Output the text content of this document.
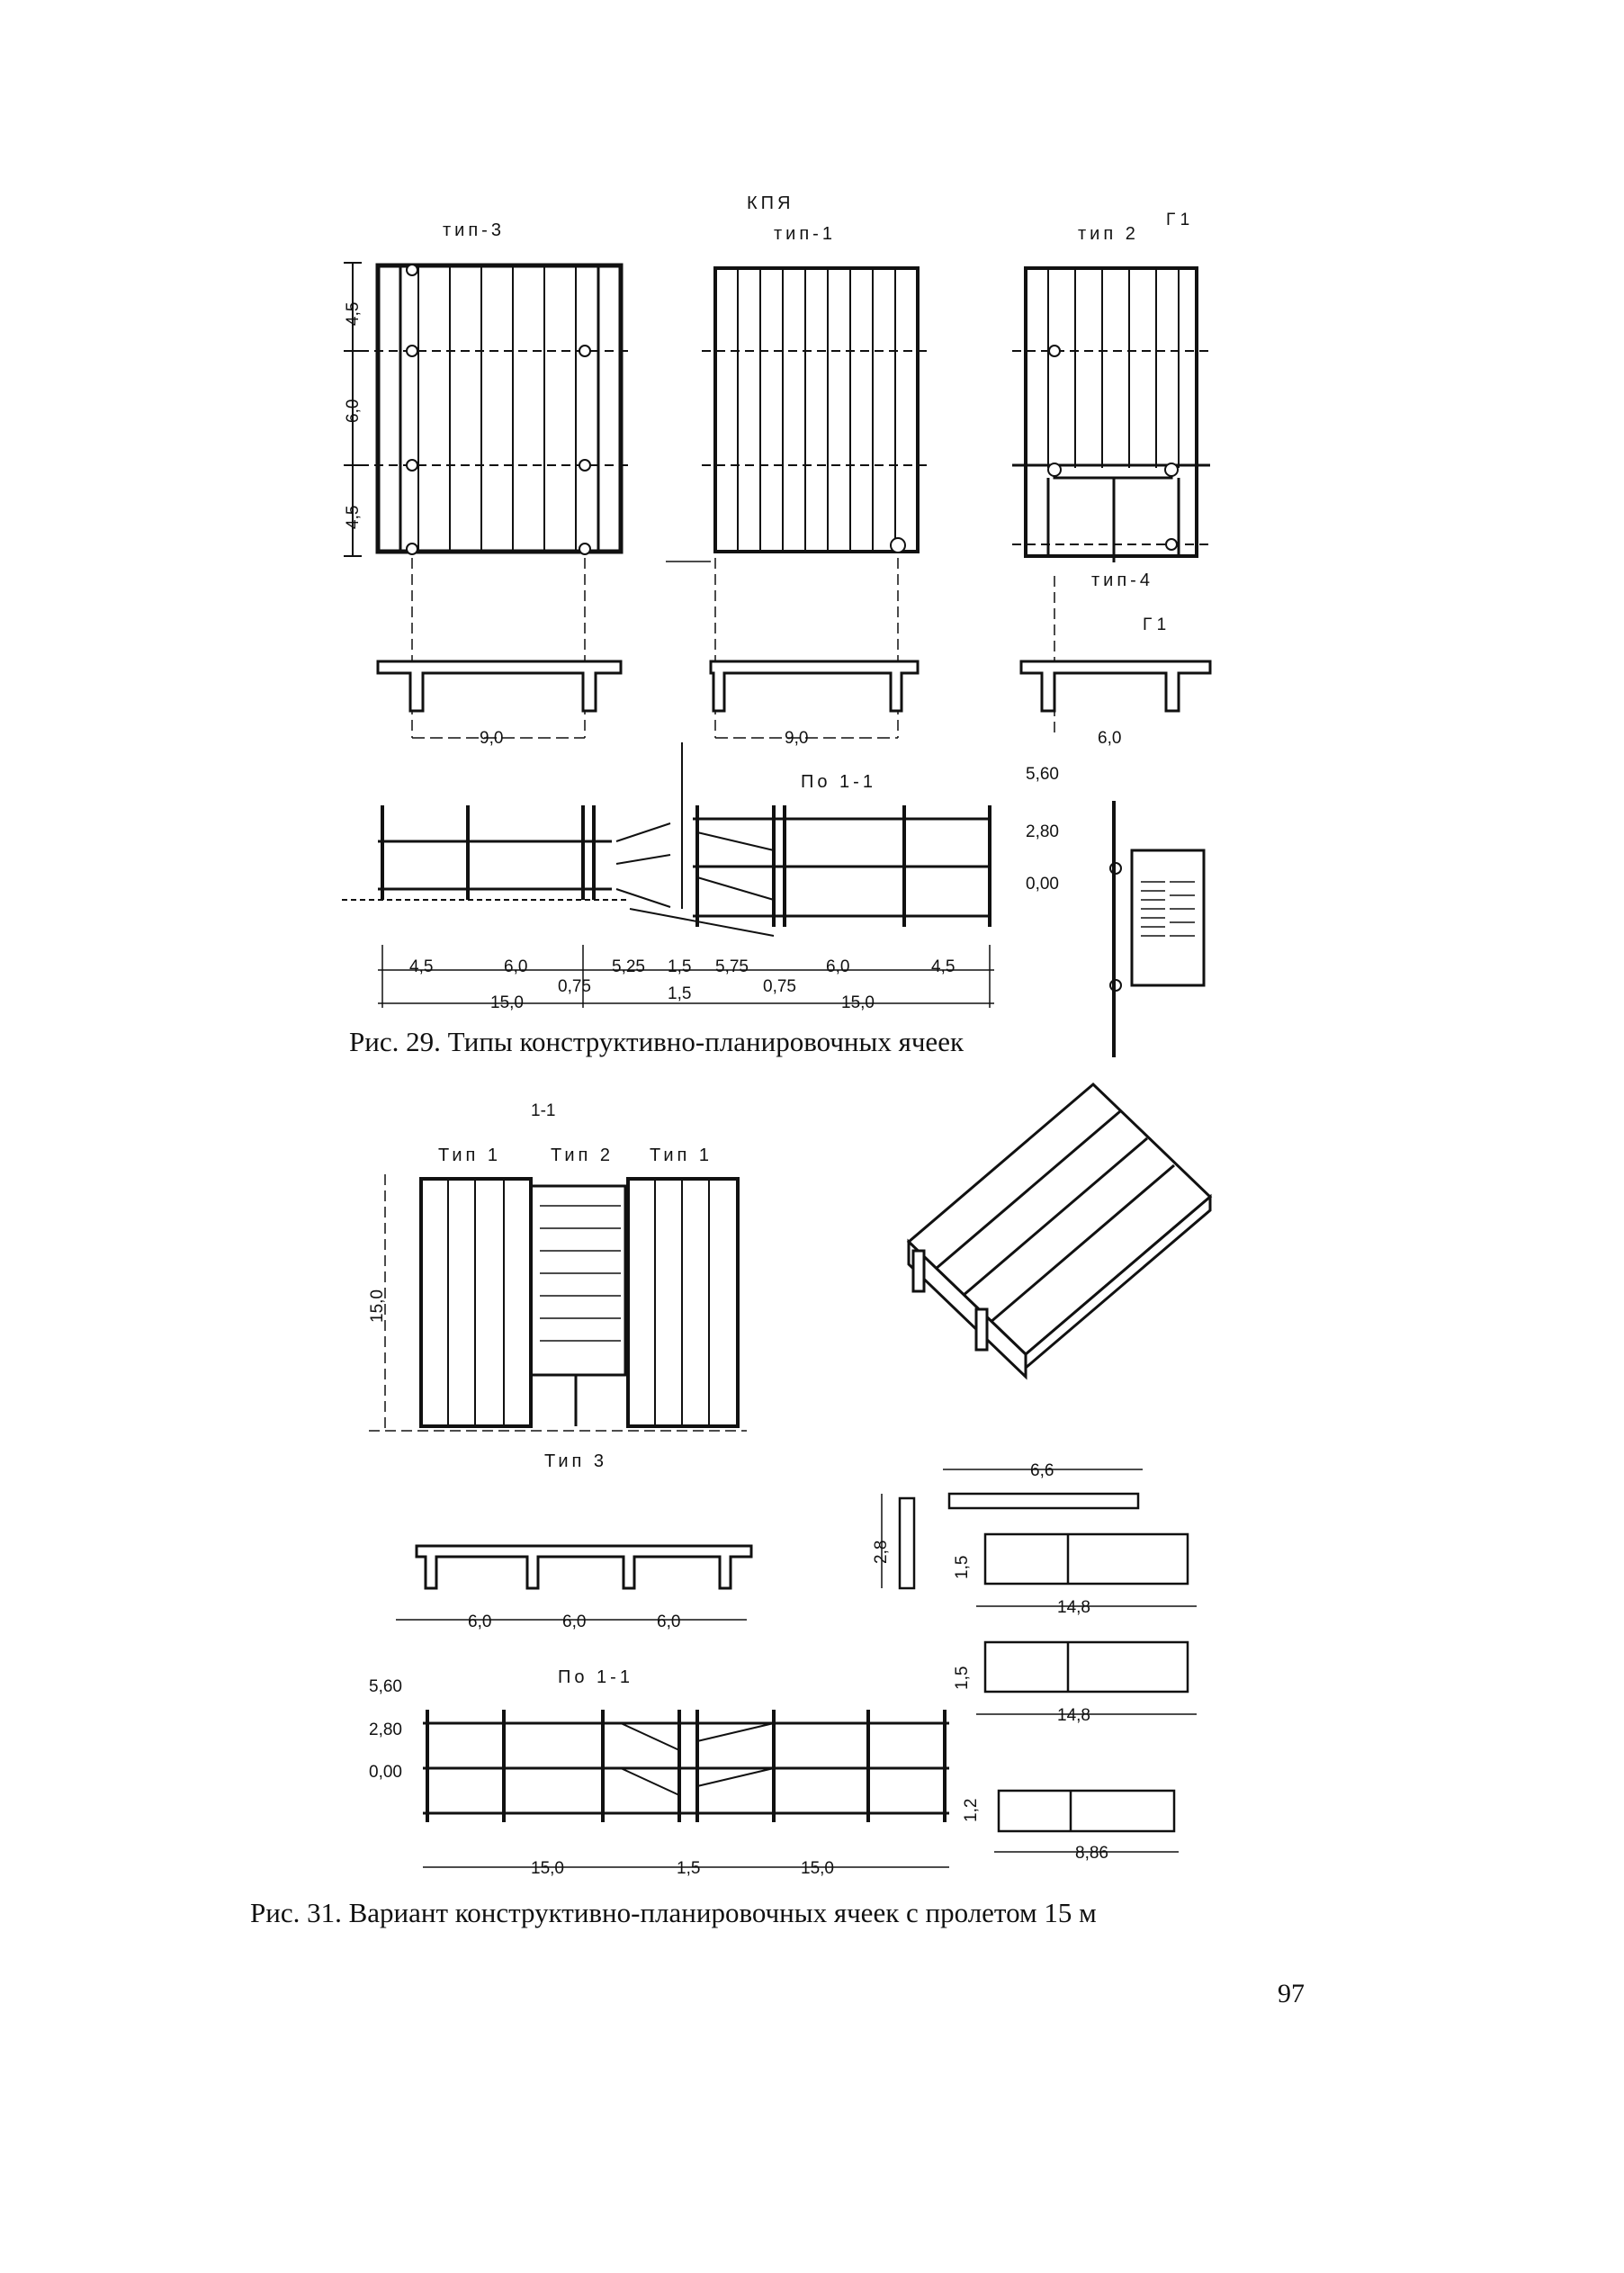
КПЯ
тип-3	тип-1	тип 2
Г 1
4,5
6,0
4,5
тип-4
Г 1
9,0	9,0	6,0
По 1-1	5,60
2,80
0,00
4,5	6,0	5,25 1,5 5,75	6,0	4,5
0,75	0,75
1,5
15,0	15,0
Рис. 29. Типы конструктивно-планировочных ячеек
1-1
Тип 1	Тип 2 Тип 1
15,0
Тип 3
6,0	6,0	6,0
По 1-1
5,60
2,80
0,00
15,0	1,5	15,0
6,6
2,8
1,5
14,8
1,5
14,8
1,2
8,86
Рис. 31. Вариант конструктивно-планировочных ячеек с пролетом 15 м
97
